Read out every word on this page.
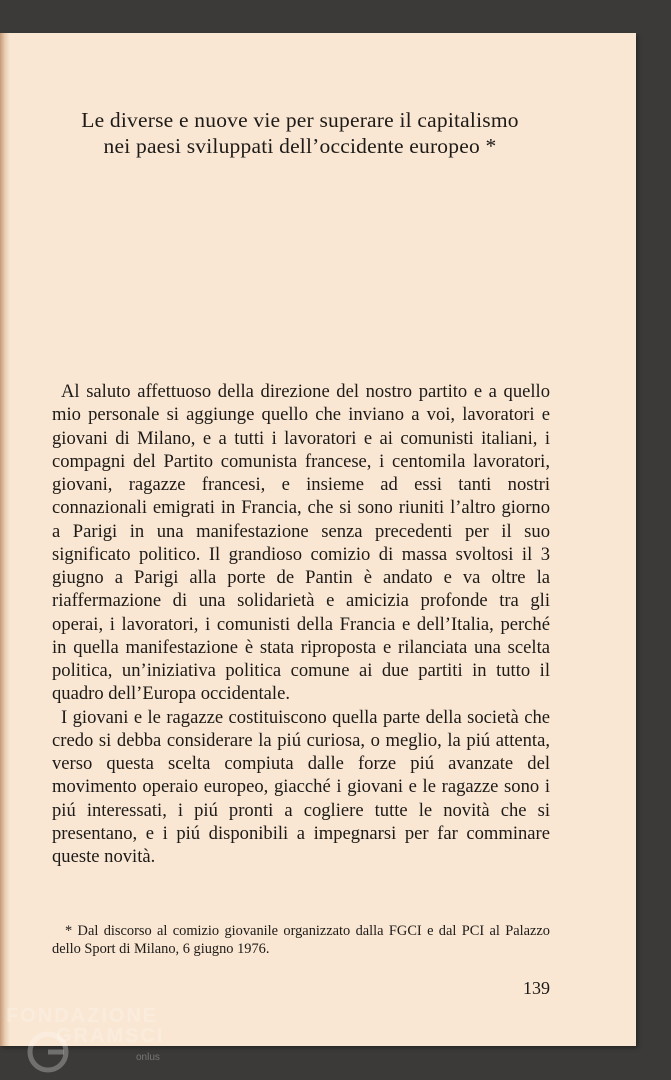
Le diverse e nuove vie per superare il capitalismo
nei paesi sviluppati dell’occidente europeo *

Al saluto affettuoso della direzione del nostro partito e a quello mio personale si aggiunge quello che inviano a voi, lavoratori e giovani di Milano, e a tutti i lavoratori e ai comunisti italiani, i compagni del Partito comunista francese, i centomila lavoratori, giovani, ragazze francesi, e insieme ad essi tanti nostri connazionali emigrati in Francia, che si sono riuniti l’altro giorno a Parigi in una manifestazione senza precedenti per il suo significato politico. Il grandioso comizio di massa svoltosi il 3 giugno a Parigi alla porte de Pantin è andato e va oltre la riaffermazione di una solidarietà e amicizia profonde tra gli operai, i lavoratori, i comunisti della Francia e dell’Italia, perché in quella manifestazione è stata riproposta e rilanciata una scelta politica, un’iniziativa politica comune ai due partiti in tutto il quadro dell’Europa occidentale.

I giovani e le ragazze costituiscono quella parte della società che credo si debba considerare la piú curiosa, o meglio, la piú attenta, verso questa scelta compiuta dalle forze piú avanzate del movimento operaio europeo, giacché i giovani e le ragazze sono i piú interessati, i piú pronti a cogliere tutte le novità che si presentano, e i piú disponibili a impegnarsi per far comminare queste novità.

* Dal discorso al comizio giovanile organizzato dalla FGCI e dal PCI al Palazzo dello Sport di Milano, 6 giugno 1976.

139
FONDAZIONE
GRAMSCI
onlus
